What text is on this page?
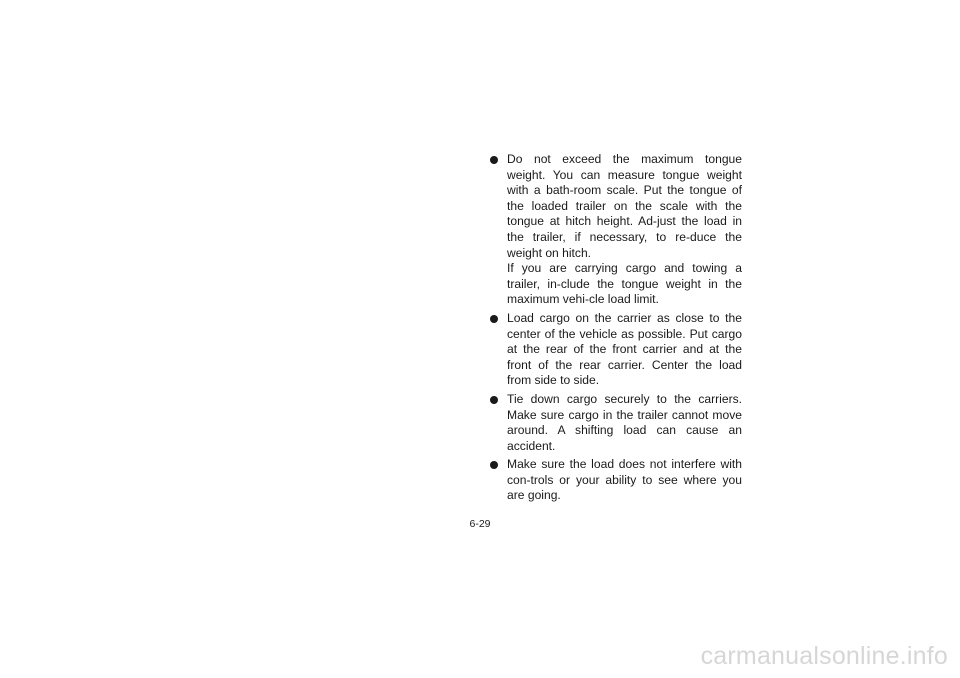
Do not exceed the maximum tongue weight. You can measure tongue weight with a bath-room scale. Put the tongue of the loaded trailer on the scale with the tongue at hitch height. Ad-just the load in the trailer, if necessary, to re-duce the weight on hitch.

If you are carrying cargo and towing a trailer, in-clude the tongue weight in the maximum vehi-cle load limit.

Load cargo on the carrier as close to the center of the vehicle as possible. Put cargo at the rear of the front carrier and at the front of the rear carrier. Center the load from side to side.

Tie down cargo securely to the carriers. Make sure cargo in the trailer cannot move around. A shifting load can cause an accident.

Make sure the load does not interfere with con-trols or your ability to see where you are going.

6-29
carmanualsonline.info
